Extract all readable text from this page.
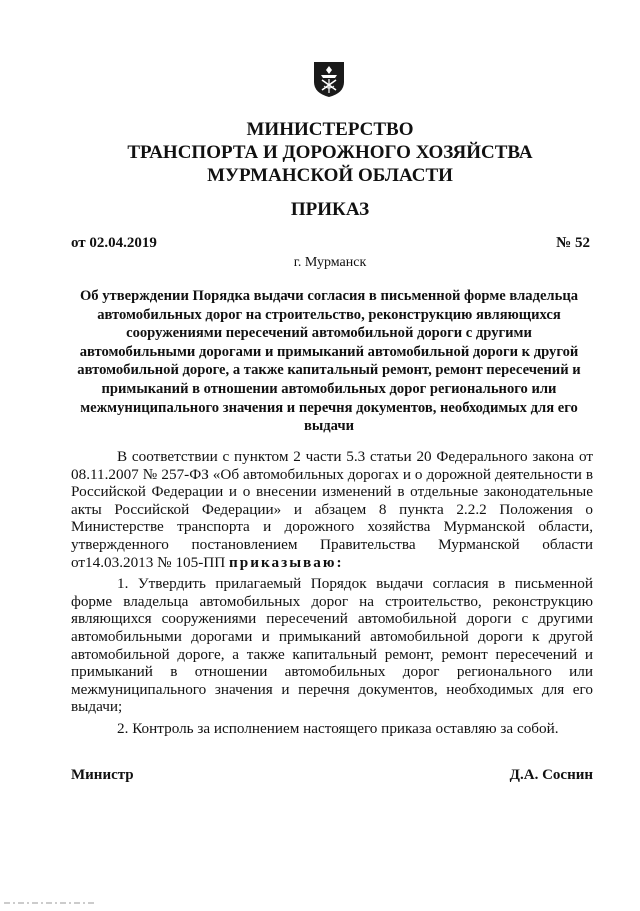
МИНИСТЕРСТВО
ТРАНСПОРТА И ДОРОЖНОГО ХОЗЯЙСТВА
МУРМАНСКОЙ ОБЛАСТИ
ПРИКАЗ
от 02.04.2019	№ 52
г. Мурманск
Об утверждении Порядка выдачи согласия в письменной форме владельца автомобильных дорог на строительство, реконструкцию являющихся сооружениями пересечений автомобильной дороги с другими автомобильными дорогами и примыканий автомобильной дороги к другой автомобильной дороге, а также капитальный ремонт, ремонт пересечений и примыканий в отношении автомобильных дорог регионального или межмуниципального значения и перечня документов, необходимых для его выдачи

В соответствии с пунктом 2 части 5.3 статьи 20 Федерального закона от 08.11.2007 № 257-ФЗ «Об автомобильных дорогах и о дорожной деятельности в Российской Федерации и о внесении изменений в отдельные законодательные акты Российской Федерации» и абзацем 8 пункта 2.2.2 Положения о Министерстве транспорта и дорожного хозяйства Мурманской области, утвержденного постановлением Правительства Мурманской области от14.03.2013 № 105-ПП приказываю:

1. Утвердить прилагаемый Порядок выдачи согласия в письменной форме владельца автомобильных дорог на строительство, реконструкцию являющихся сооружениями пересечений автомобильной дороги с другими автомобильными дорогами и примыканий автомобильной дороги к другой автомобильной дороге, а также капитальный ремонт, ремонт пересечений и примыканий в отношении автомобильных дорог регионального или межмуниципального значения и перечня документов, необходимых для его выдачи;

2. Контроль за исполнением настоящего приказа оставляю за собой.

Министр	Д.А. Соснин
